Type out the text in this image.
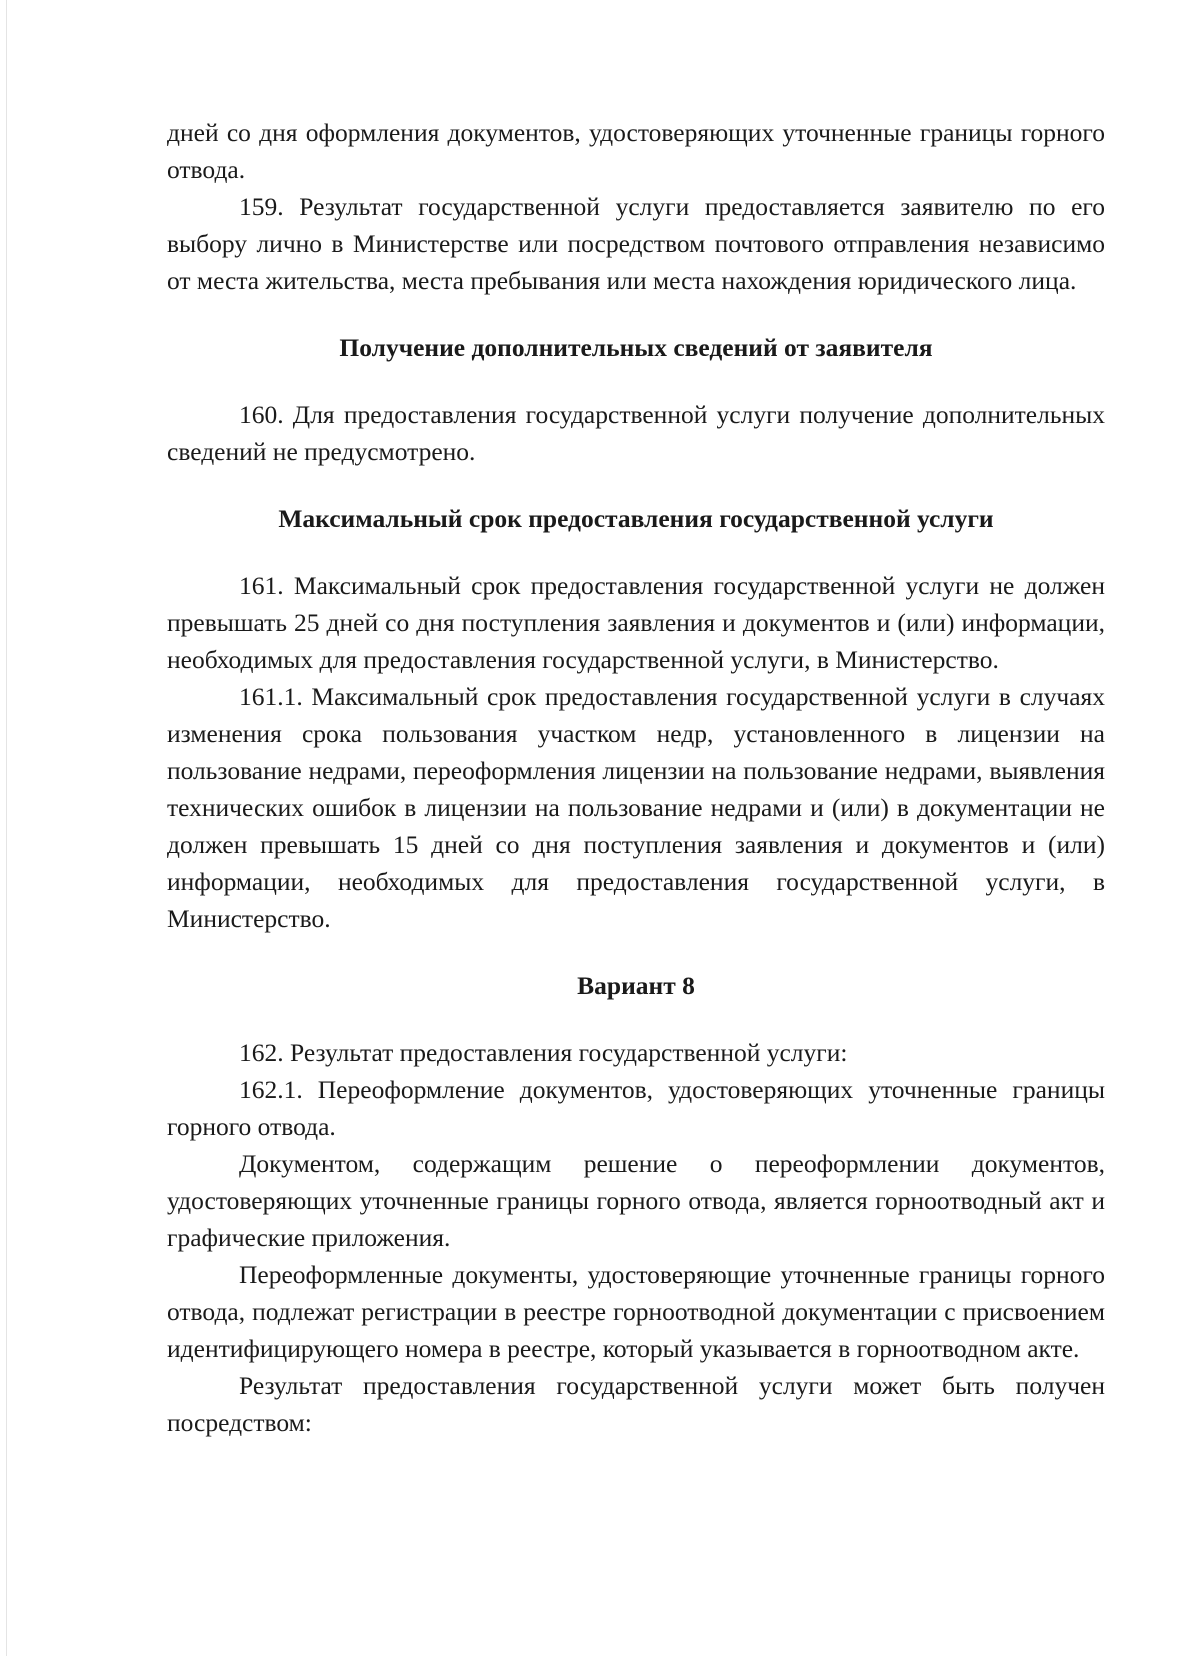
дней со дня оформления документов, удостоверяющих уточненные границы горного отвода.

159. Результат государственной услуги предоставляется заявителю по его выбору лично в Министерстве или посредством почтового отправления независимо от места жительства, места пребывания или места нахождения юридического лица.

Получение дополнительных сведений от заявителя

160. Для предоставления государственной услуги получение дополнительных сведений не предусмотрено.

Максимальный срок предоставления государственной услуги

161. Максимальный срок предоставления государственной услуги не должен превышать 25 дней со дня поступления заявления и документов и (или) информации, необходимых для предоставления государственной услуги, в Министерство.

161.1. Максимальный срок предоставления государственной услуги в случаях изменения срока пользования участком недр, установленного в лицензии на пользование недрами, переоформления лицензии на пользование недрами, выявления технических ошибок в лицензии на пользование недрами и (или) в документации не должен превышать 15 дней со дня поступления заявления и документов и (или) информации, необходимых для предоставления государственной услуги, в Министерство.

Вариант 8

162. Результат предоставления государственной услуги:

162.1. Переоформление документов, удостоверяющих уточненные границы горного отвода.

Документом, содержащим решение о переоформлении документов, удостоверяющих уточненные границы горного отвода, является горноотводный акт и графические приложения.

Переоформленные документы, удостоверяющие уточненные границы горного отвода, подлежат регистрации в реестре горноотводной документации с присвоением идентифицирующего номера в реестре, который указывается в горноотводном акте.

Результат предоставления государственной услуги может быть получен посредством:
